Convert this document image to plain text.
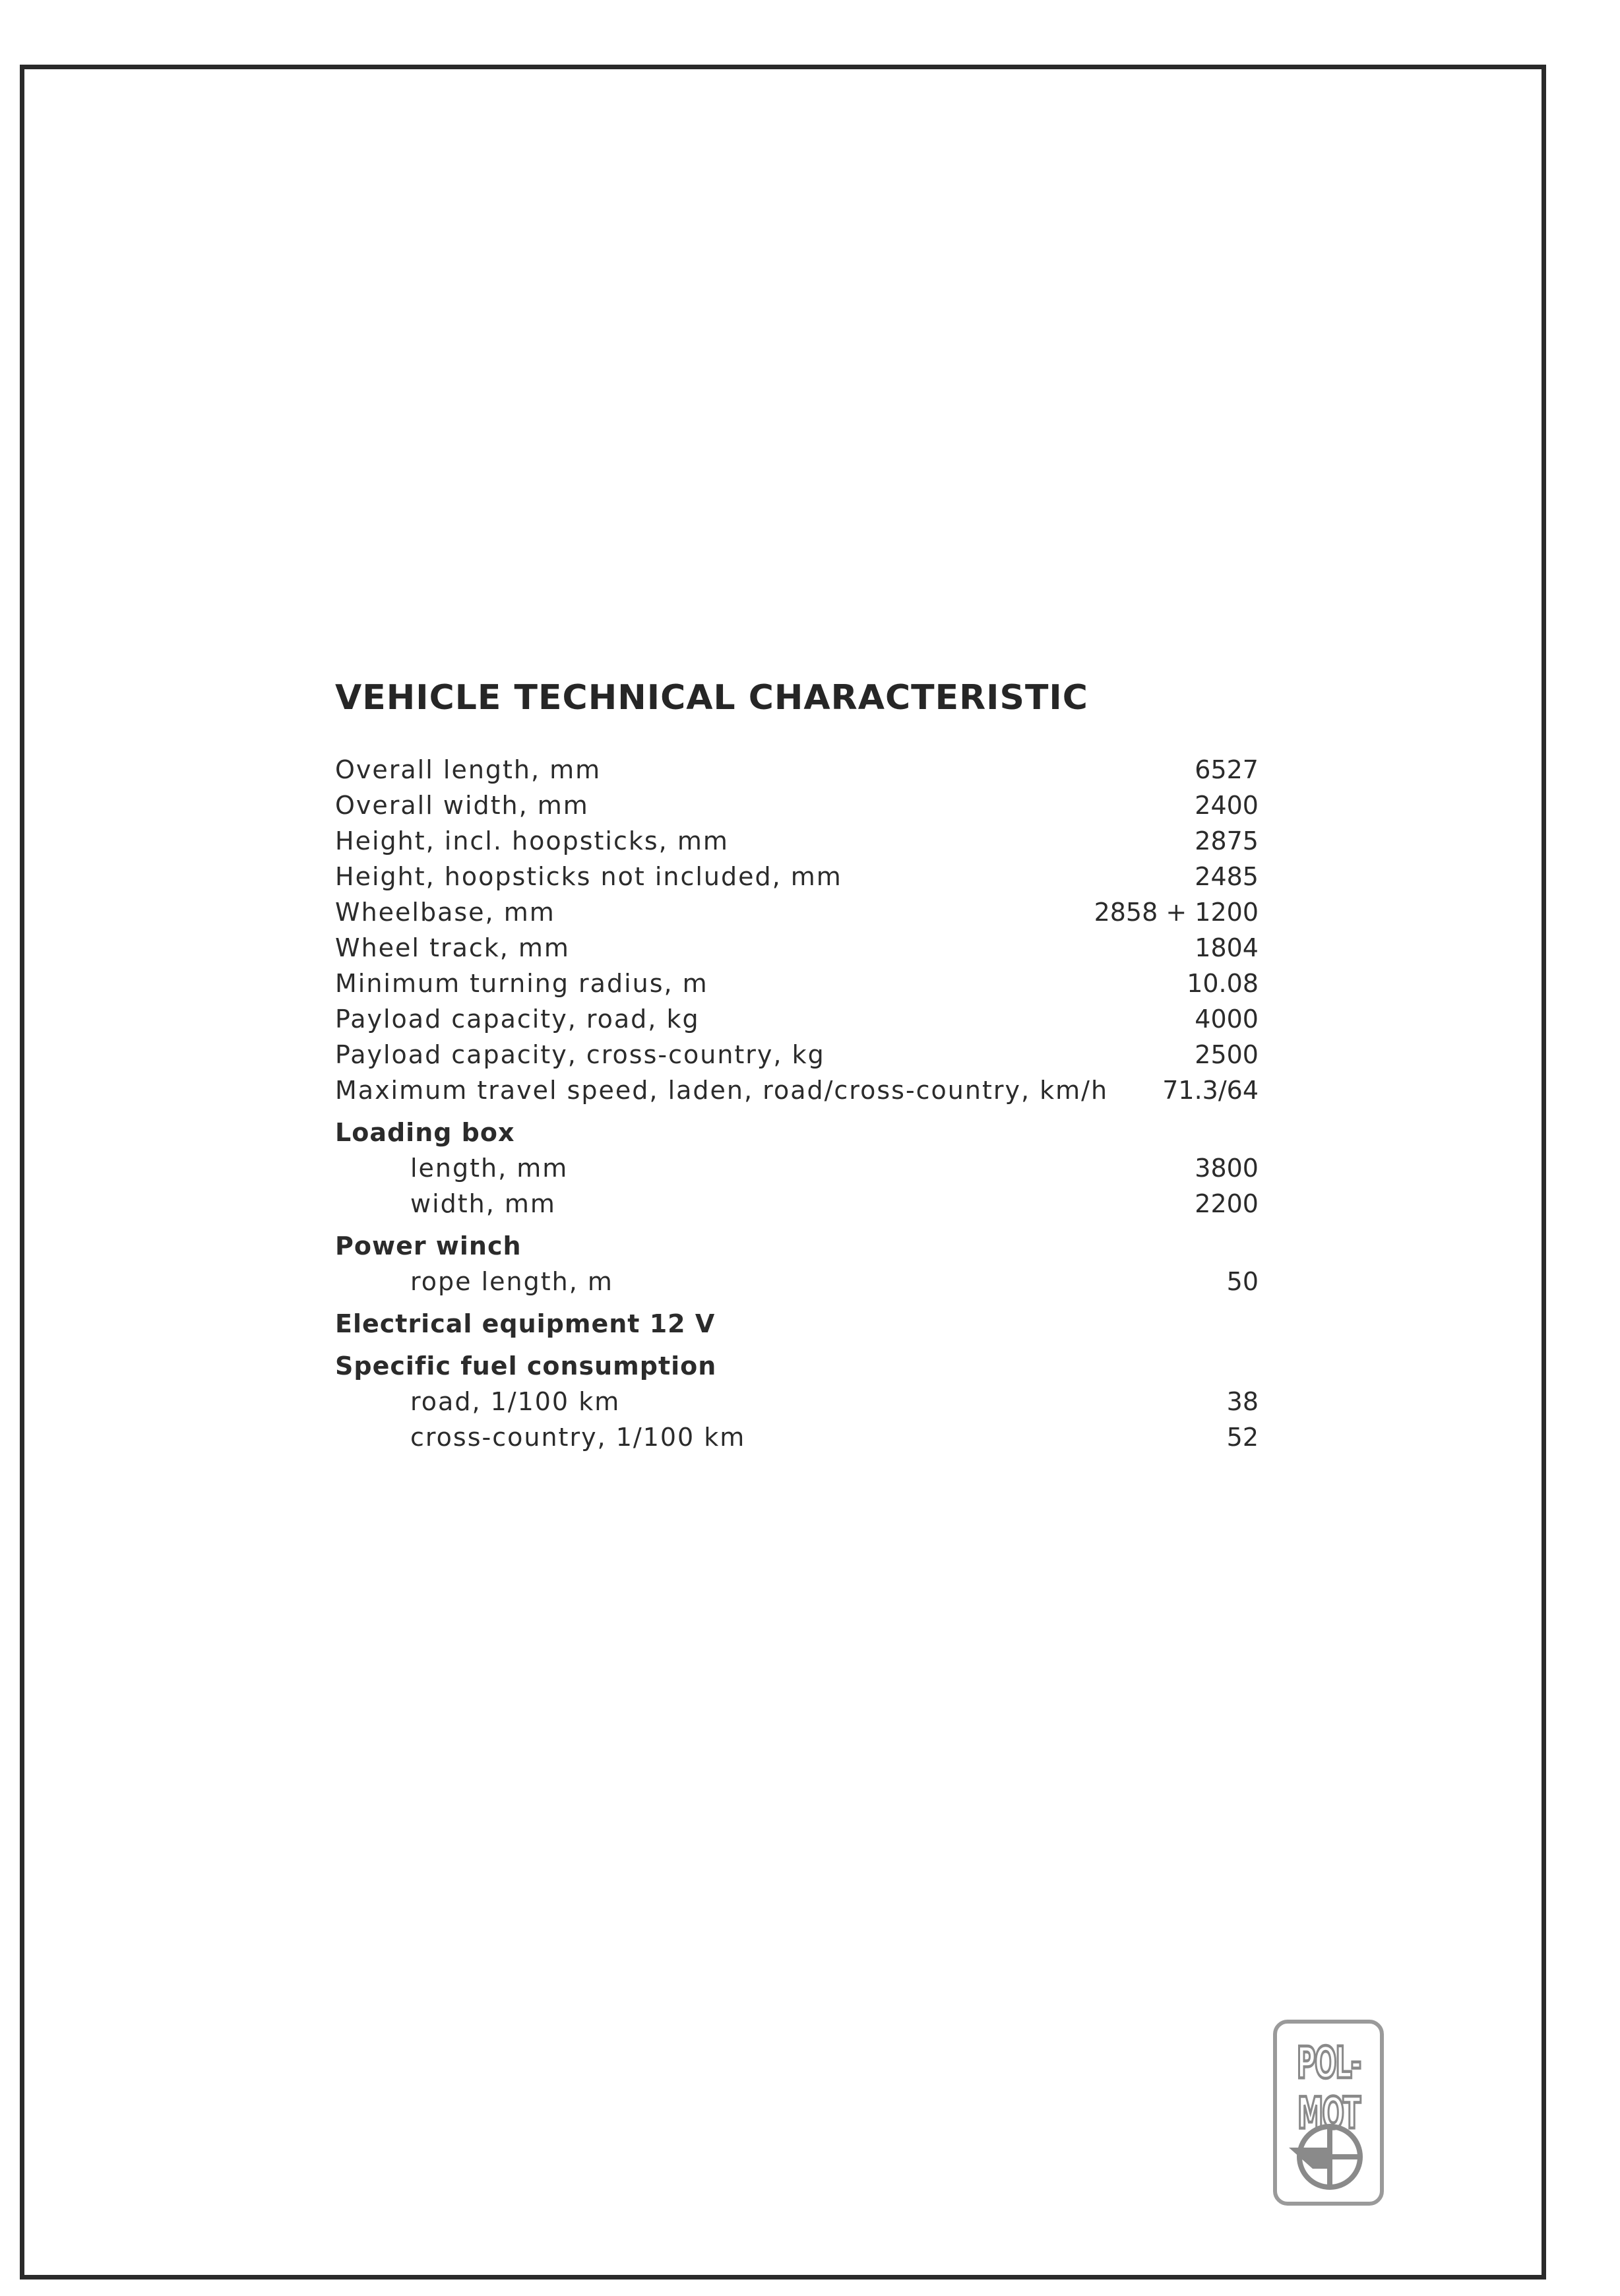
VEHICLE TECHNICAL CHARACTERISTIC
Overall length, mm	6527
Overall width, mm	2400
Height, incl. hoopsticks, mm	2875
Height, hoopsticks not included, mm	2485
Wheelbase, mm	2858 + 1200
Wheel track, mm	1804
Minimum turning radius, m	10.08
Payload capacity, road, kg	4000
Payload capacity, cross-country, kg	2500
Maximum travel speed, laden, road/cross-country, km/h 71.3/64
Loading box
length, mm	3800
width, mm	2200
Power winch
rope length, m	50
Electrical equipment 12 V
Specific fuel consumption
road, 1/100 km	38
cross-country, 1/100 km	52
POL-MOT
